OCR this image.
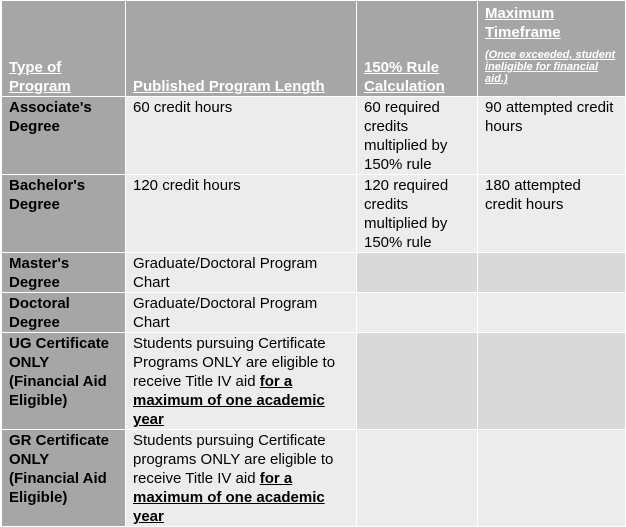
Type of Program	Published Program Length	150% Rule Calculation	Maximum Timeframe
(Once exceeded, student ineligible for financial aid.)

Associate's Degree	60 credit hours	60 required credits multiplied by 150% rule	90 attempted credit hours
Bachelor's Degree	120 credit hours	120 required credits multiplied by 150% rule	180 attempted credit hours
Master's Degree	Graduate/Doctoral Program Chart		
Doctoral Degree	Graduate/Doctoral Program Chart		
UG Certificate ONLY (Financial Aid Eligible)	Students pursuing Certificate Programs ONLY are eligible to receive Title IV aid for a maximum of one academic year		
GR Certificate ONLY (Financial Aid Eligible)	Students pursuing Certificate programs ONLY are eligible to receive Title IV aid for a maximum of one academic year		
